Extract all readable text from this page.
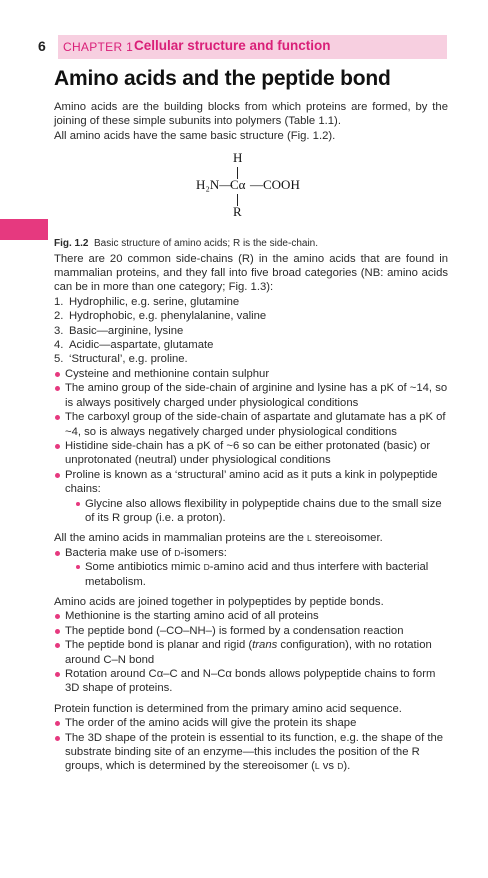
6 CHAPTER 1 Cellular structure and function
Amino acids and the peptide bond

Amino acids are the building blocks from which proteins are formed, by the joining of these simple subunits into polymers (Table 1.1).

All amino acids have the same basic structure (Fig. 1.2).

H
H₂N—
Cα —COOH
R

Fig. 1.2 Basic structure of amino acids; R is the side-chain.

There are 20 common side-chains (R) in the amino acids that are found in mammalian proteins, and they fall into five broad categories (NB: amino acids can be in more than one category; Fig. 1.3):

1. Hydrophilic, e.g. serine, glutamine
2. Hydrophobic, e.g. phenylalanine, valine
3. Basic—arginine, lysine
4. Acidic—aspartate, glutamate
5. ‘Structural’, e.g. proline.
Cysteine and methionine contain sulphur
The amino group of the side-chain of arginine and lysine has a pK of ~14, so is always positively charged under physiological conditions
The carboxyl group of the side-chain of aspartate and glutamate has a pK of ~4, so is always negatively charged under physiological conditions
Histidine side-chain has a pK of ~6 so can be either protonated (basic) or unprotonated (neutral) under physiological conditions
Proline is known as a ‘structural’ amino acid as it puts a kink in polypeptide chains:
Glycine also allows flexibility in polypeptide chains due to the small size of its R group (i.e. a proton).

All the amino acids in mammalian proteins are the L stereoisomer.

Bacteria make use of D-isomers:
Some antibiotics mimic D-amino acid and thus interfere with bacterial metabolism.

Amino acids are joined together in polypeptides by peptide bonds.

Methionine is the starting amino acid of all proteins
The peptide bond (–CO–NH–) is formed by a condensation reaction
The peptide bond is planar and rigid (trans configuration), with no rotation around C–N bond
Rotation around Cα–C and N–Cα bonds allows polypeptide chains to form 3D shape of proteins.

Protein function is determined from the primary amino acid sequence.

The order of the amino acids will give the protein its shape
The 3D shape of the protein is essential to its function, e.g. the shape of the substrate binding site of an enzyme—this includes the position of the R groups, which is determined by the stereoisomer (L vs D).
